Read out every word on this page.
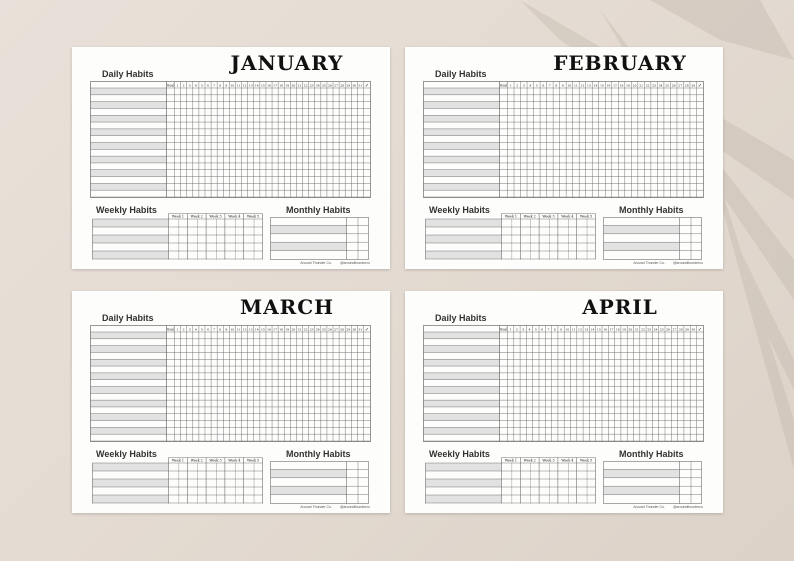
JANUARY
Daily Habits
Weekly Habits	Monthly Habits
Goal 1 2 3 4 5 6 7 8 9 10 11 12 13 14 15 16 17 18 19 20 21 22 23 24 25 26 27 28 29 30 31 ✓
Week 1 Week 2 Week 3 Week 4 Week 5
Around Thunder Co. @aroundthunderco
FEBRUARY
Daily Habits
Weekly Habits	Monthly Habits
Goal 1 2 3 4 5 6 7 8 9 10 11 12 13 14 15 16 17 18 19 20 21 22 23 24 25 26 27 28 29 ✓
Week 1 Week 2 Week 3 Week 4 Week 5
Around Thunder Co. @aroundthunderco
MARCH
Daily Habits
Weekly Habits	Monthly Habits
Goal 1 2 3 4 5 6 7 8 9 10 11 12 13 14 15 16 17 18 19 20 21 22 23 24 25 26 27 28 29 30 31 ✓
Week 1 Week 2 Week 3 Week 4 Week 5
Around Thunder Co. @aroundthunderco
APRIL
Daily Habits
Weekly Habits	Monthly Habits
Goal 1 2 3 4 5 6 7 8 9 10 11 12 13 14 15 16 17 18 19 20 21 22 23 24 25 26 27 28 29 30 ✓
Week 1 Week 2 Week 3 Week 4 Week 5
Around Thunder Co. @aroundthunderco
